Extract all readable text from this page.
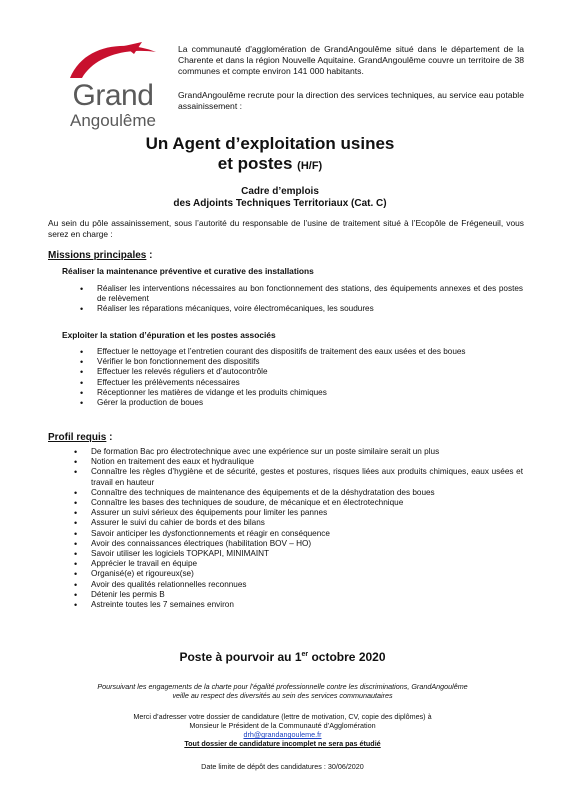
Grand
Angoulême
La communauté d'agglomération de GrandAngoulême situé dans le département de la Charente et dans la région Nouvelle Aquitaine. GrandAngoulême couvre un territoire de 38 communes et compte environ 141 000 habitants.
GrandAngoulême recrute pour la direction des services techniques, au service eau potable assainissement :
Un Agent d’exploitation usines
et postes (H/F)
Cadre d’emplois
des Adjoints Techniques Territoriaux (Cat. C)
Au sein du pôle assainissement, sous l’autorité du responsable de l’usine de traitement situé à l’Ecopôle de Frégeneuil, vous serez en charge :
Missions principales :
Réaliser la maintenance préventive et curative des installations
• Réaliser les interventions nécessaires au bon fonctionnement des stations, des équipements annexes et des postes de relèvement
• Réaliser les réparations mécaniques, voire électromécaniques, les soudures
Exploiter la station d’épuration et les postes associés
• Effectuer le nettoyage et l’entretien courant des dispositifs de traitement des eaux usées et des boues
• Vérifier le bon fonctionnement des dispositifs
• Effectuer les relevés réguliers et d’autocontrôle
• Effectuer les prélèvements nécessaires
• Réceptionner les matières de vidange et les produits chimiques
• Gérer la production de boues
Profil requis :
• De formation Bac pro électrotechnique avec une expérience sur un poste similaire serait un plus
• Notion en traitement des eaux et hydraulique
• Connaître les règles d’hygiène et de sécurité, gestes et postures, risques liées aux produits chimiques, eaux usées et travail en hauteur
• Connaître des techniques de maintenance des équipements et de la déshydratation des boues
• Connaître les bases des techniques de soudure, de mécanique et en électrotechnique
• Assurer un suivi sérieux des équipements pour limiter les pannes
• Assurer le suivi du cahier de bords et des bilans
• Savoir anticiper les dysfonctionnements et réagir en conséquence
• Avoir des connaissances électriques (habilitation BOV – HO)
• Savoir utiliser les logiciels TOPKAPI, MINIMAINT
• Apprécier le travail en équipe
• Organisé(e) et rigoureux(se)
• Avoir des qualités relationnelles reconnues
• Détenir les permis B
• Astreinte toutes les 7 semaines environ
Poste à pourvoir au 1er octobre 2020
Poursuivant les engagements de la charte pour l’égalité professionnelle contre les discriminations, GrandAngoulême
veille au respect des diversités au sein des services communautaires
Merci d’adresser votre dossier de candidature (lettre de motivation, CV, copie des diplômes) à
Monsieur le Président de la Communauté d’Agglomération
drh@grandangouleme.fr
Tout dossier de candidature incomplet ne sera pas étudié
Date limite de dépôt des candidatures : 30/06/2020
